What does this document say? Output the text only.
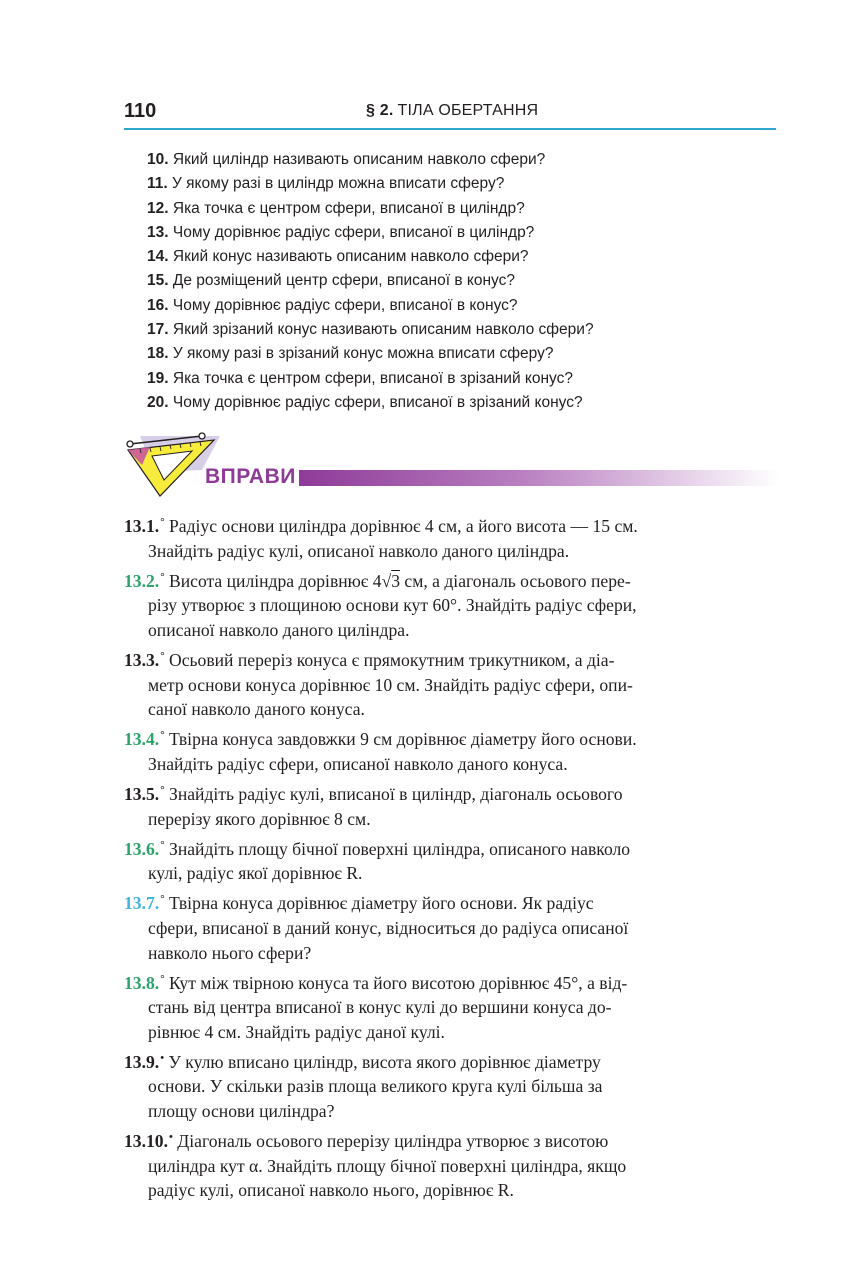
110	§ 2. ТІЛА ОБЕРТАННЯ
10. Який циліндр називають описаним навколо сфери?
11. У якому разі в циліндр можна вписати сферу?
12. Яка точка є центром сфери, вписаної в циліндр?
13. Чому дорівнює радіус сфери, вписаної в циліндр?
14. Який конус називають описаним навколо сфери?
15. Де розміщений центр сфери, вписаної в конус?
16. Чому дорівнює радіус сфери, вписаної в конус?
17. Який зрізаний конус називають описаним навколо сфери?
18. У якому разі в зрізаний конус можна вписати сферу?
19. Яка точка є центром сфери, вписаної в зрізаний конус?
20. Чому дорівнює радіус сфери, вписаної в зрізаний конус?
ВПРАВИ

13.1.° Радіус основи циліндра дорівнює 4 см, а його висота — 15 см.

Знайдіть радіус кулі, описаної навколо даного циліндра.

13.2.° Висота циліндра дорівнює 4√3 см, а діагональ осьового пере-

різу утворює з площиною основи кут 60°. Знайдіть радіус сфери,

описаної навколо даного циліндра.

13.3.° Осьовий переріз конуса є прямокутним трикутником, а діа-

метр основи конуса дорівнює 10 см. Знайдіть радіус сфери, опи-

саної навколо даного конуса.

13.4.° Твірна конуса завдовжки 9 см дорівнює діаметру його основи.

Знайдіть радіус сфери, описаної навколо даного конуса.

13.5.° Знайдіть радіус кулі, вписаної в циліндр, діагональ осьового

перерізу якого дорівнює 8 см.

13.6.° Знайдіть площу бічної поверхні циліндра, описаного навколо

кулі, радіус якої дорівнює R.

13.7.° Твірна конуса дорівнює діаметру його основи. Як радіус

сфери, вписаної в даний конус, відноситься до радіуса описаної

навколо нього сфери?

13.8.° Кут між твірною конуса та його висотою дорівнює 45°, а від-

стань від центра вписаної в конус кулі до вершини конуса до-

рівнює 4 см. Знайдіть радіус даної кулі.

13.9.• У кулю вписано циліндр, висота якого дорівнює діаметру

основи. У скільки разів площа великого круга кулі більша за

площу основи циліндра?

13.10.• Діагональ осьового перерізу циліндра утворює з висотою

циліндра кут α. Знайдіть площу бічної поверхні циліндра, якщо

радіус кулі, описаної навколо нього, дорівнює R.
